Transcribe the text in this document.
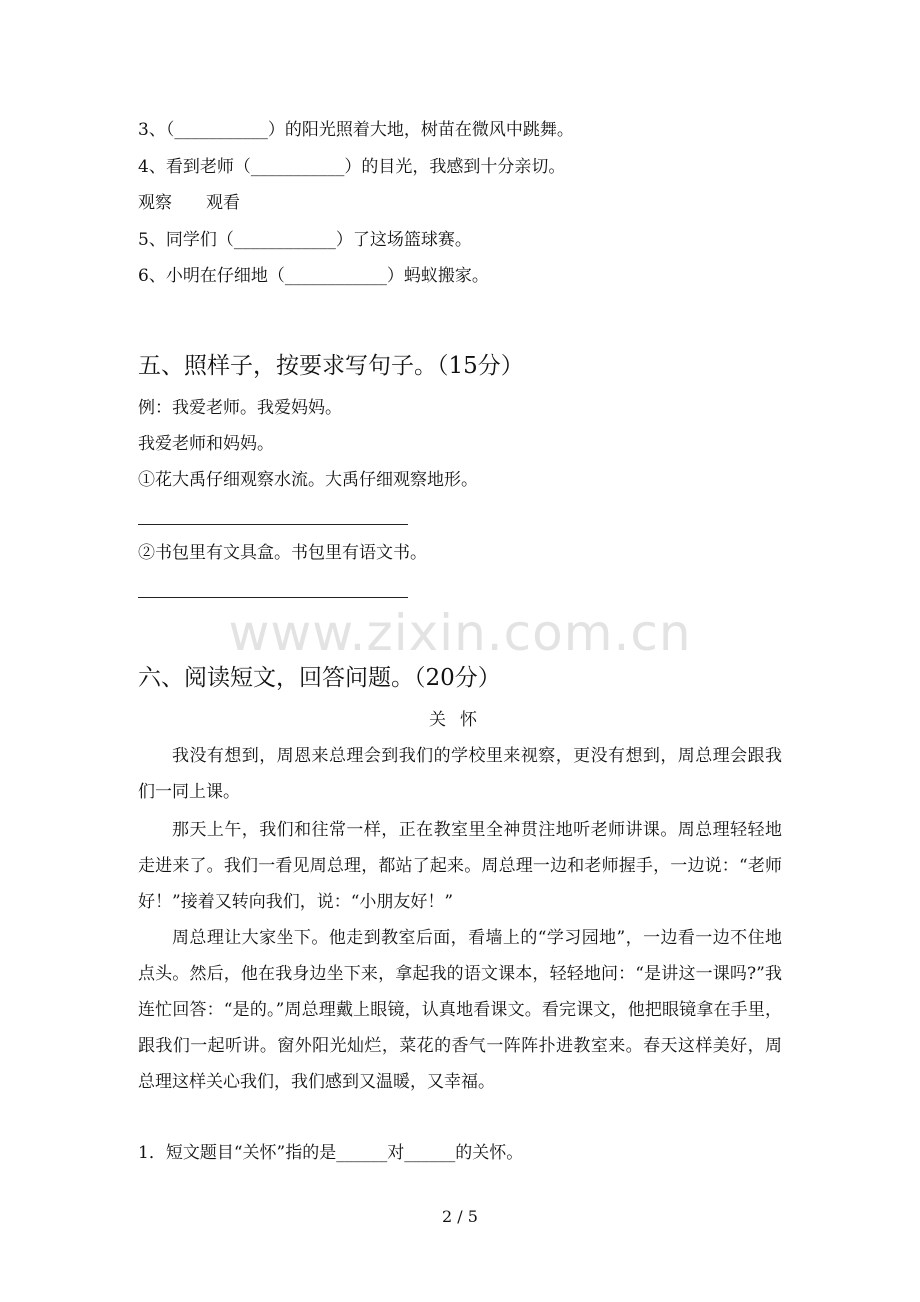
3、（___________）的阳光照着大地，树苗在微风中跳舞。
4、看到老师（___________）的目光，我感到十分亲切。
观察　　观看
5、同学们（____________）了这场篮球赛。
6、小明在仔细地（____________）蚂蚁搬家。
五、照样子，按要求写句子。（15分）
例：我爱老师。我爱妈妈。
我爱老师和妈妈。
①花大禹仔细观察水流。大禹仔细观察地形。
②书包里有文具盒。书包里有语文书。
www.zixin.com.cn
六、阅读短文，回答问题。（20分）
关怀
我没有想到，周恩来总理会到我们的学校里来视察，更没有想到，周总理会跟我们一同上课。
那天上午，我们和往常一样，正在教室里全神贯注地听老师讲课。周总理轻轻地走进来了。我们一看见周总理，都站了起来。周总理一边和老师握手，一边说：“老师好！”接着又转向我们，说：“小朋友好！”
周总理让大家坐下。他走到教室后面，看墙上的“学习园地”，一边看一边不住地点头。然后，他在我身边坐下来，拿起我的语文课本，轻轻地问：“是讲这一课吗?”我连忙回答：“是的。”周总理戴上眼镜，认真地看课文。看完课文，他把眼镜拿在手里，跟我们一起听讲。窗外阳光灿烂，菜花的香气一阵阵扑进教室来。春天这样美好，周总理这样关心我们，我们感到又温暖，又幸福。
1．短文题目“关怀”指的是______对______的关怀。
2 / 5
